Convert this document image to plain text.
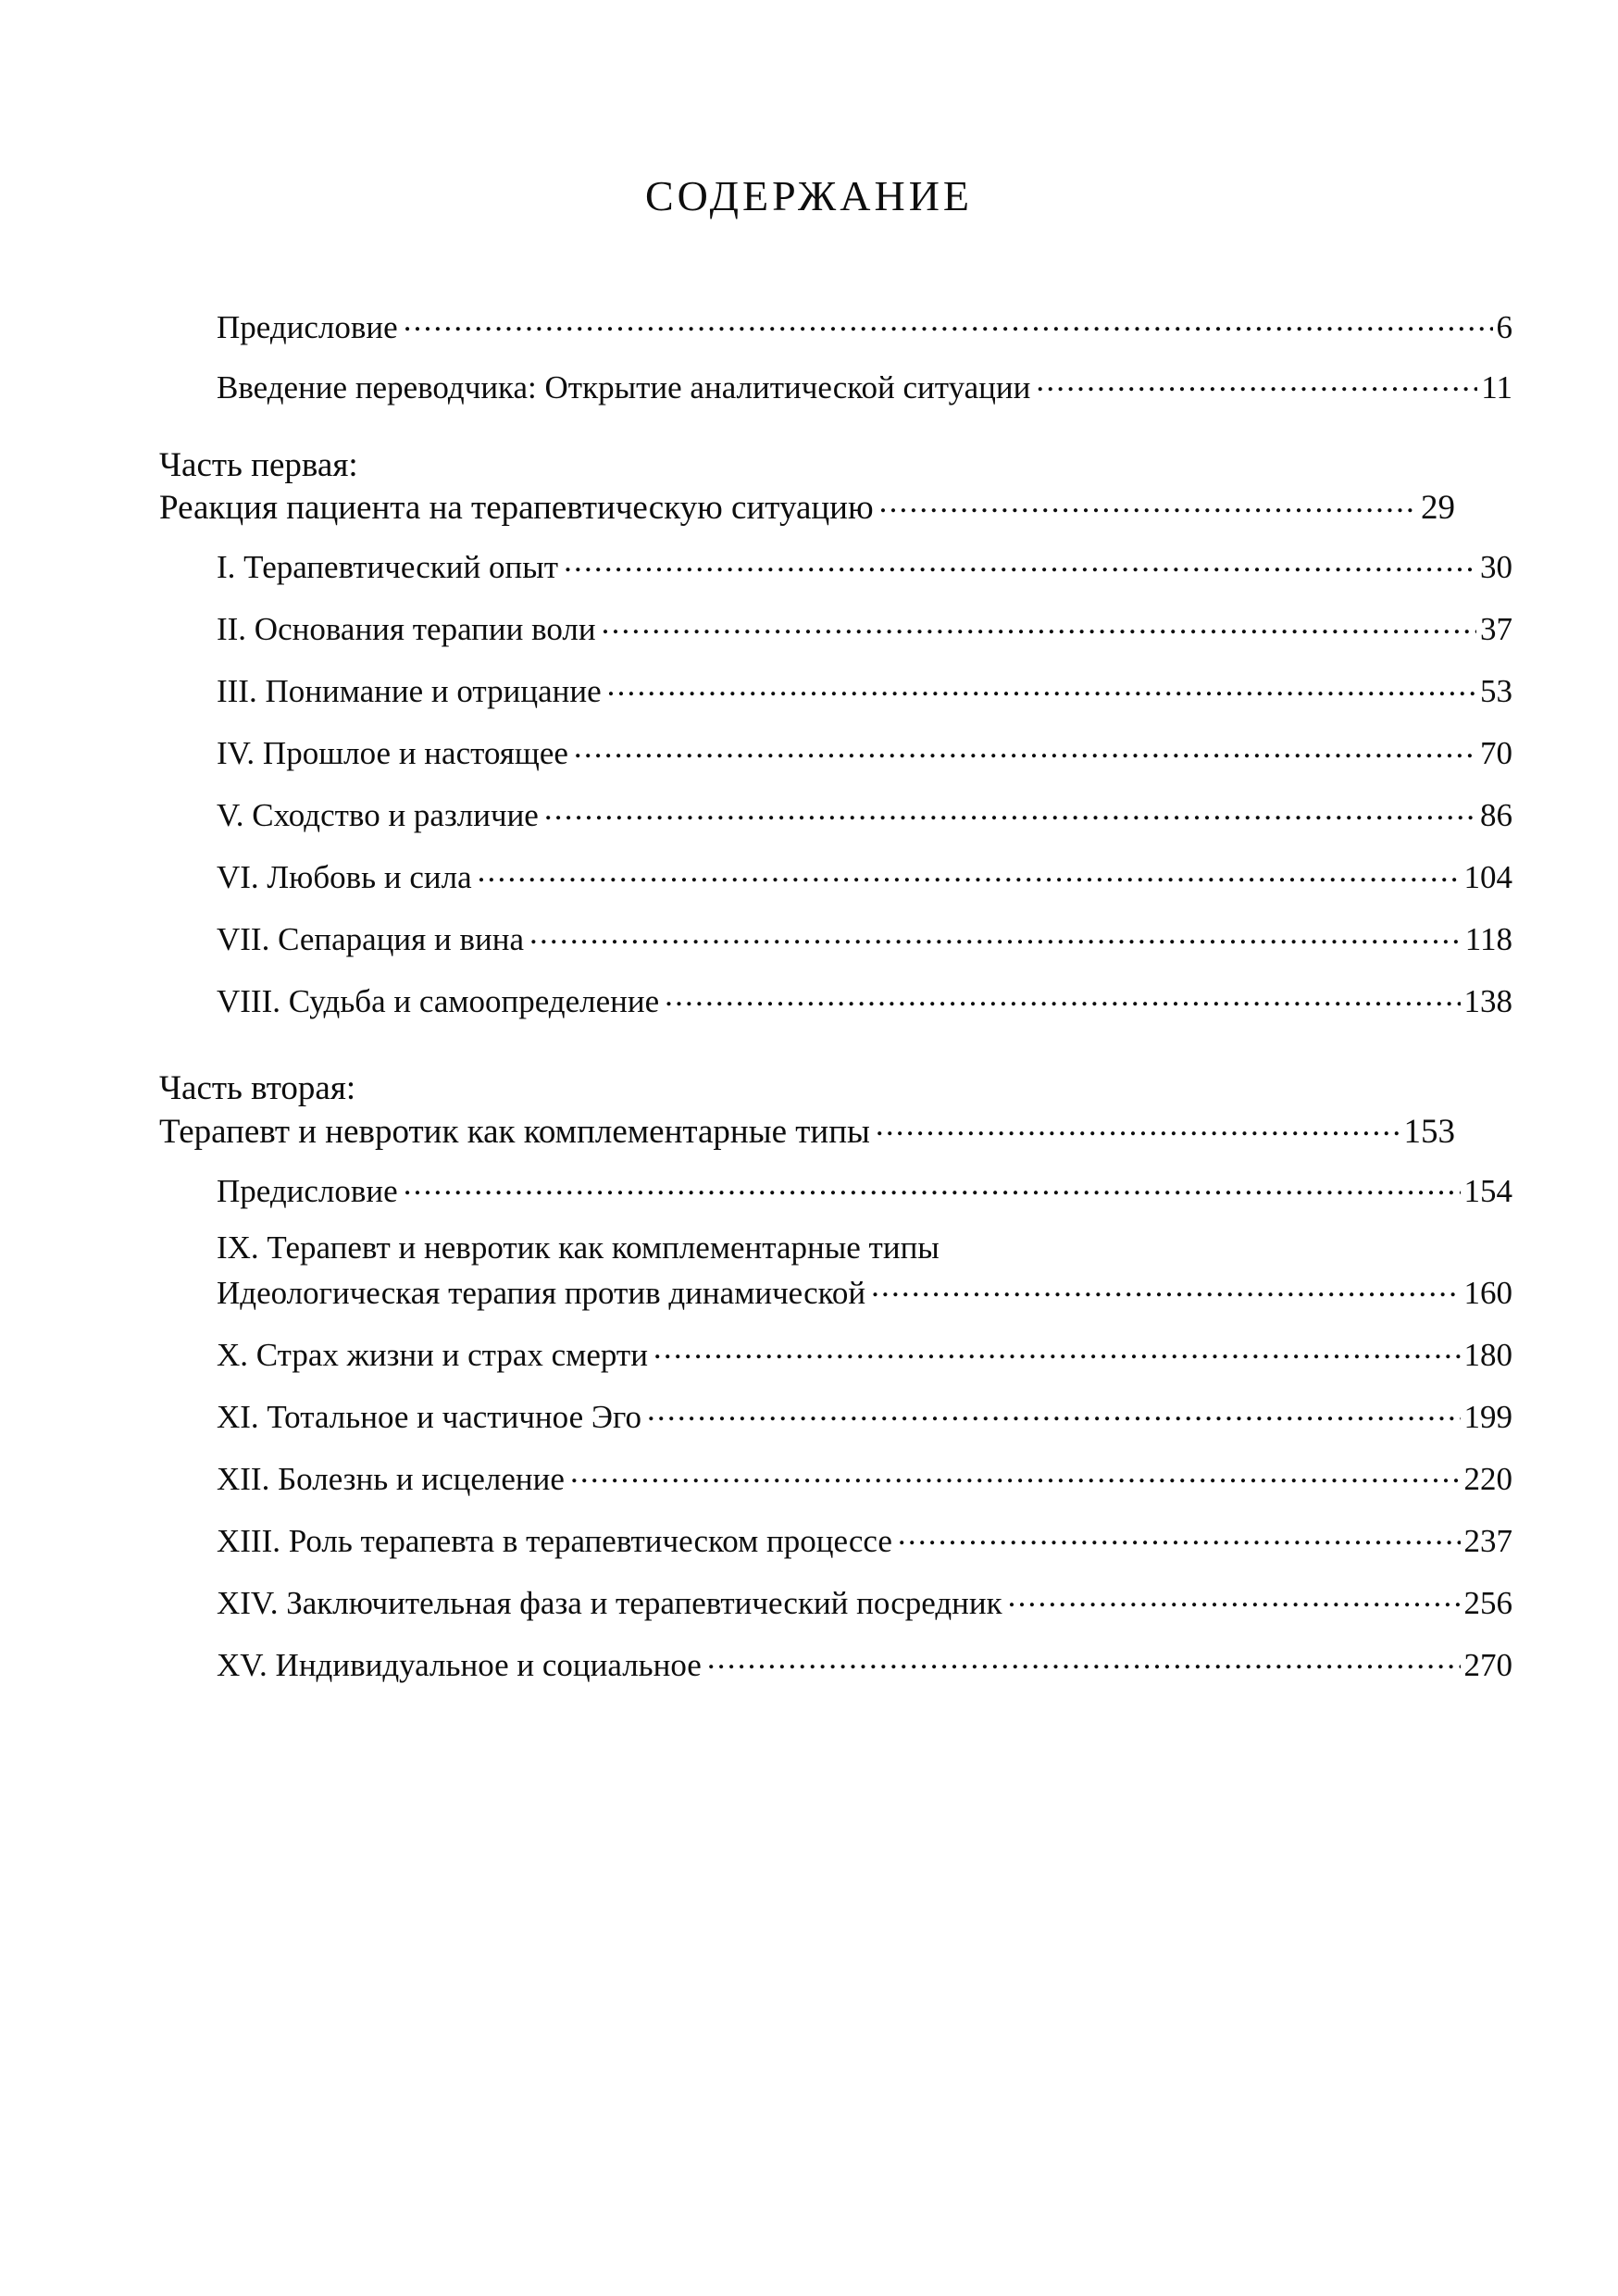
СОДЕРЖАНИЕ
Предисловие .....	6
Введение переводчика: Открытие аналитической ситуации .....	11
Часть первая:
Реакция пациента на терапевтическую ситуацию .....	29
I. Терапевтический опыт .....	30
II. Основания терапии воли .....	37
III. Понимание и отрицание .....	53
IV. Прошлое и настоящее .....	70
V. Сходство и различие .....	86
VI. Любовь и сила .....	104
VII. Сепарация и вина .....	118
VIII. Судьба и самоопределение .....	138
Часть вторая:
Терапевт и невротик как комплементарные типы .....	153
Предисловие .....	154
IX. Терапевт и невротик как комплементарные типы
Идеологическая терапия против динамической .....	160
X. Страх жизни и страх смерти .....	180
XI. Тотальное и частичное Эго .....	199
XII. Болезнь и исцеление .....	220
XIII. Роль терапевта в терапевтическом процессе .....	237
XIV. Заключительная фаза и терапевтический посредник .....	256
XV. Индивидуальное и социальное .....	270
